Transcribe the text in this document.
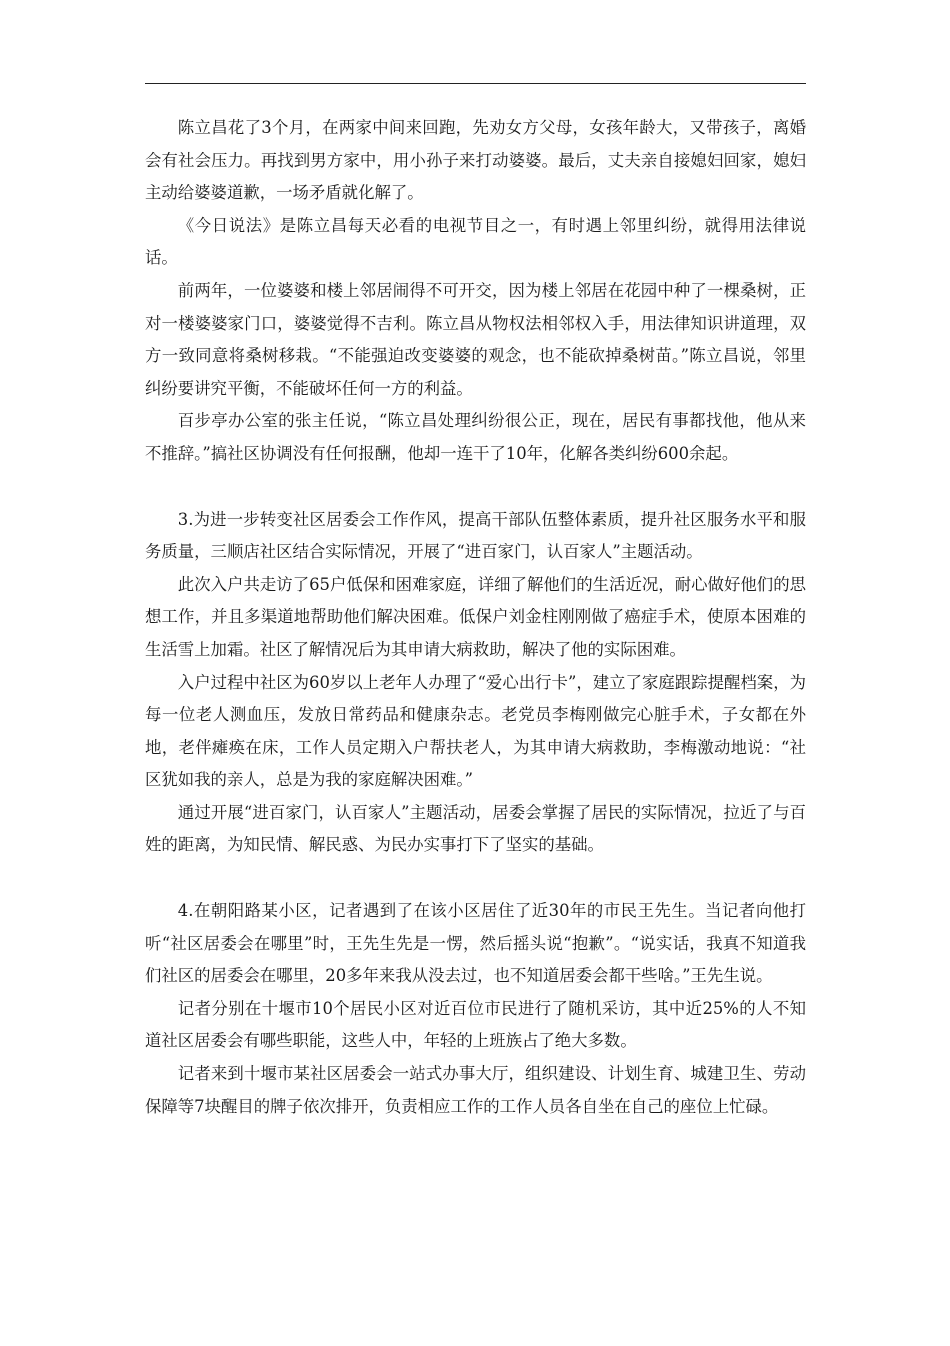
陈立昌花了3个月，在两家中间来回跑，先劝女方父母，女孩年龄大，又带孩子，离婚会有社会压力。再找到男方家中，用小孙子来打动婆婆。最后，丈夫亲自接媳妇回家，媳妇主动给婆婆道歉，一场矛盾就化解了。

《今日说法》是陈立昌每天必看的电视节目之一，有时遇上邻里纠纷，就得用法律说话。

前两年，一位婆婆和楼上邻居闹得不可开交，因为楼上邻居在花园中种了一棵桑树，正对一楼婆婆家门口，婆婆觉得不吉利。陈立昌从物权法相邻权入手，用法律知识讲道理，双方一致同意将桑树移栽。“不能强迫改变婆婆的观念，也不能砍掉桑树苗。”陈立昌说，邻里纠纷要讲究平衡，不能破坏任何一方的利益。

百步亭办公室的张主任说，“陈立昌处理纠纷很公正，现在，居民有事都找他，他从来不推辞。”搞社区协调没有任何报酬，他却一连干了10年，化解各类纠纷600余起。

3.为进一步转变社区居委会工作作风，提高干部队伍整体素质，提升社区服务水平和服务质量，三顺店社区结合实际情况，开展了“进百家门，认百家人”主题活动。

此次入户共走访了65户低保和困难家庭，详细了解他们的生活近况，耐心做好他们的思想工作，并且多渠道地帮助他们解决困难。低保户刘金柱刚刚做了癌症手术，使原本困难的生活雪上加霜。社区了解情况后为其申请大病救助，解决了他的实际困难。

入户过程中社区为60岁以上老年人办理了“爱心出行卡”，建立了家庭跟踪提醒档案，为每一位老人测血压，发放日常药品和健康杂志。老党员李梅刚做完心脏手术，子女都在外地，老伴瘫痪在床，工作人员定期入户帮扶老人，为其申请大病救助，李梅激动地说：“社区犹如我的亲人，总是为我的家庭解决困难。”

通过开展“进百家门，认百家人”主题活动，居委会掌握了居民的实际情况，拉近了与百姓的距离，为知民情、解民惑、为民办实事打下了坚实的基础。

4.在朝阳路某小区，记者遇到了在该小区居住了近30年的市民王先生。当记者向他打听“社区居委会在哪里”时，王先生先是一愣，然后摇头说“抱歉”。“说实话，我真不知道我们社区的居委会在哪里，20多年来我从没去过，也不知道居委会都干些啥。”王先生说。

记者分别在十堰市10个居民小区对近百位市民进行了随机采访，其中近25%的人不知道社区居委会有哪些职能，这些人中，年轻的上班族占了绝大多数。

记者来到十堰市某社区居委会一站式办事大厅，组织建设、计划生育、城建卫生、劳动保障等7块醒目的牌子依次排开，负责相应工作的工作人员各自坐在自己的座位上忙碌。
